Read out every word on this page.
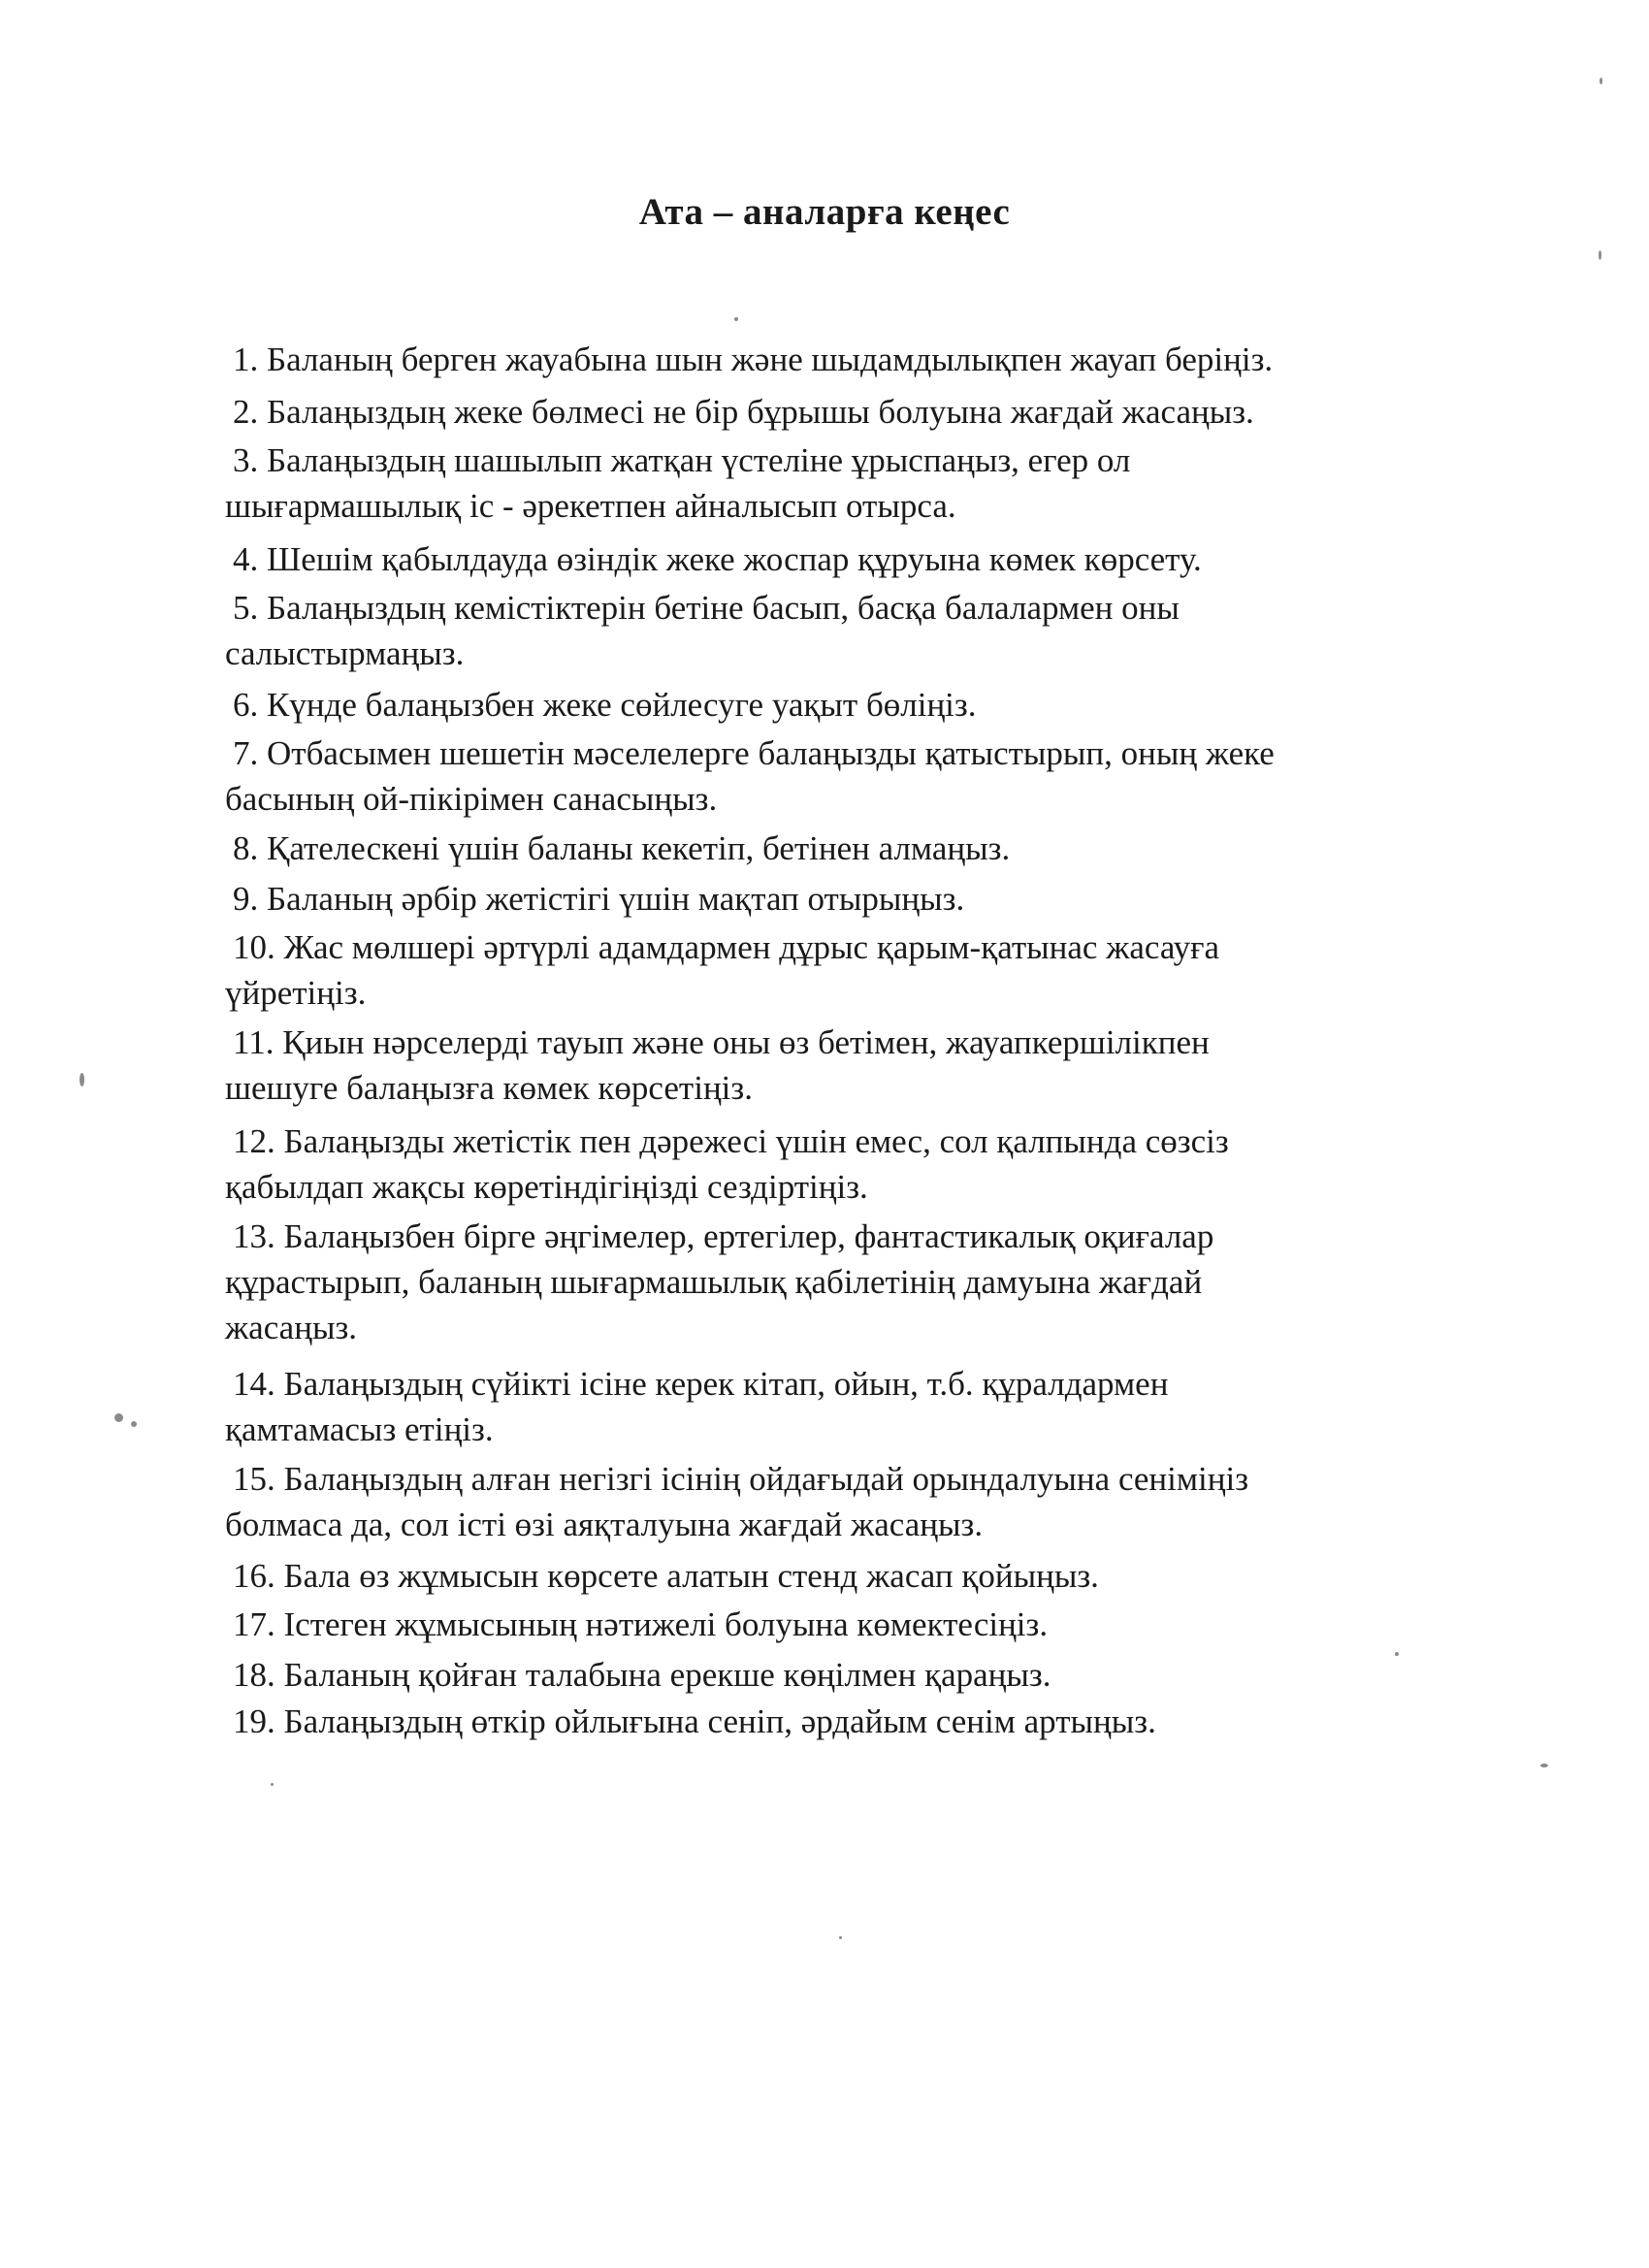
Ата – аналарға кеңес
1. Баланың берген жауабына шын және шыдамдылықпен жауап беріңіз.
2. Балаңыздың жеке бөлмесі не бір бұрышы болуына жағдай жасаңыз.
3. Балаңыздың шашылып жатқан үстеліне ұрыспаңыз, егер ол
шығармашылық іс - әрекетпен айналысып отырса.
4. Шешім қабылдауда өзіндік жеке жоспар құруына көмек көрсету.
5. Балаңыздың кемістіктерін бетіне басып, басқа балалармен оны
салыстырмаңыз.
6. Күнде балаңызбен жеке сөйлесуге уақыт бөліңіз.
7. Отбасымен шешетін мәселелерге балаңызды қатыстырып, оның жеке
басының ой-пікірімен санасыңыз.
8. Қателескені үшін баланы кекетіп, бетінен алмаңыз.
9. Баланың әрбір жетістігі үшін мақтап отырыңыз.
10. Жас мөлшері әртүрлі адамдармен дұрыс қарым-қатынас жасауға
үйретіңіз.
11. Қиын нәрселерді тауып және оны өз бетімен, жауапкершілікпен
шешуге балаңызға көмек көрсетіңіз.
12. Балаңызды жетістік пен дәрежесі үшін емес, сол қалпында сөзсіз
қабылдап жақсы көретіндігіңізді сездіртіңіз.
13. Балаңызбен бірге әңгімелер, ертегілер, фантастикалық оқиғалар
құрастырып, баланың шығармашылық қабілетінің дамуына жағдай
жасаңыз.
14. Балаңыздың сүйікті ісіне керек кітап, ойын, т.б. құралдармен
қамтамасыз етіңіз.
15. Балаңыздың алған негізгі ісінің ойдағыдай орындалуына сеніміңіз
болмаса да, сол істі өзі аяқталуына жағдай жасаңыз.
16. Бала өз жұмысын көрсете алатын стенд жасап қойыңыз.
17. Істеген жұмысының нәтижелі болуына көмектесіңіз.
18. Баланың қойған талабына ерекше көңілмен қараңыз.
19. Балаңыздың өткір ойлығына сеніп, әрдайым сенім артыңыз.
